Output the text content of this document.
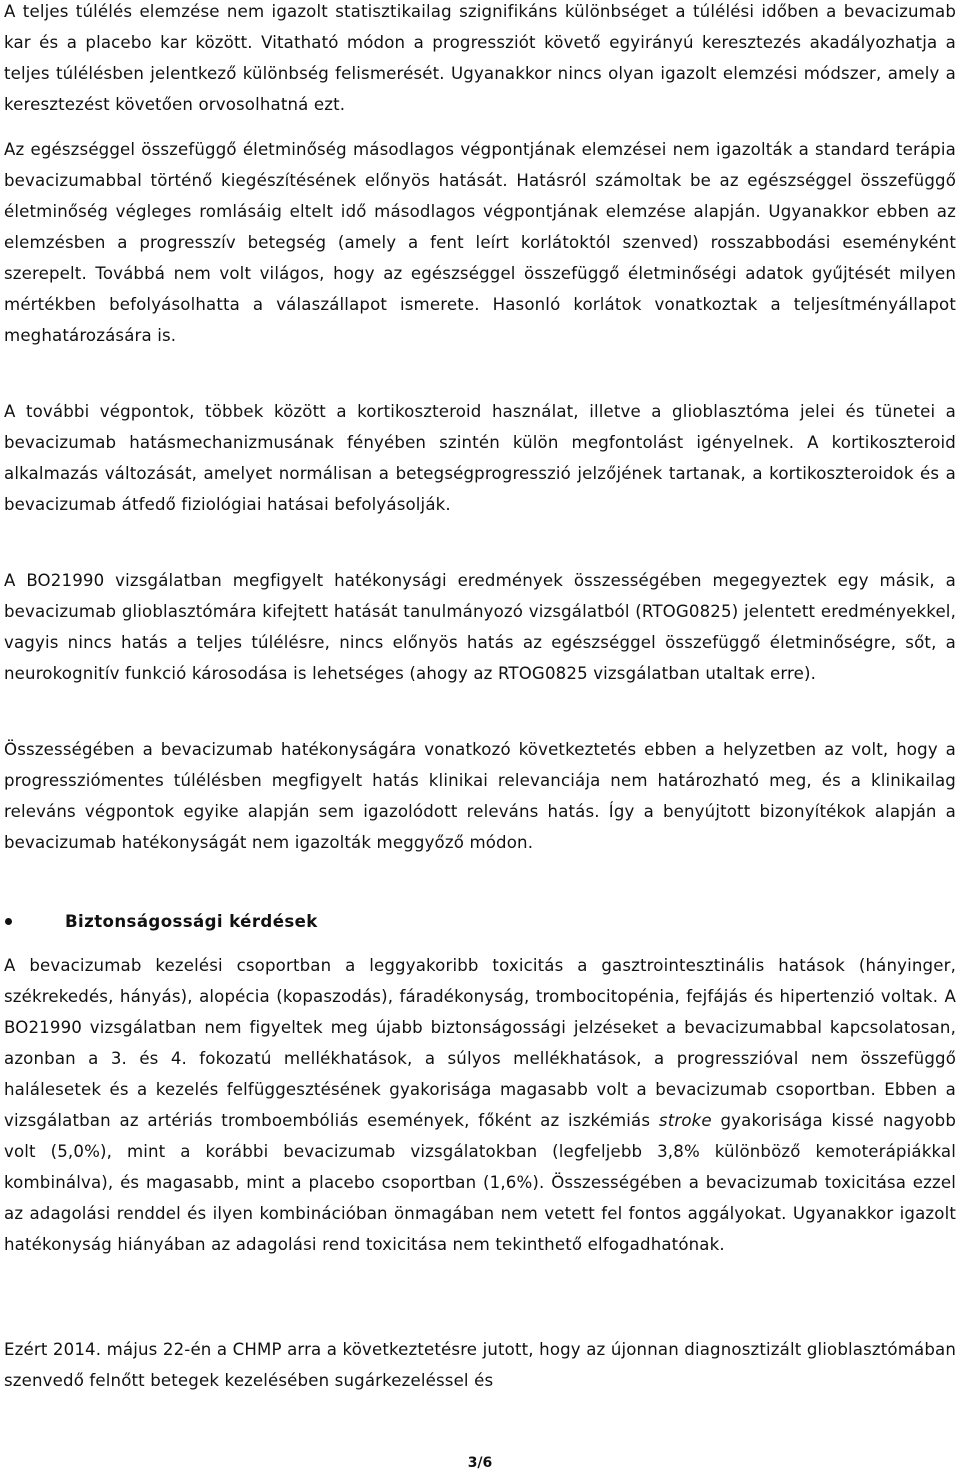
A teljes túlélés elemzése nem igazolt statisztikailag szignifikáns különbséget a túlélési időben a bevacizumab kar és a placebo kar között. Vitatható módon a progressziót követő egyirányú keresztezés akadályozhatja a teljes túlélésben jelentkező különbség felismerését. Ugyanakkor nincs olyan igazolt elemzési módszer, amely a keresztezést követően orvosolhatná ezt.

Az egészséggel összefüggő életminőség másodlagos végpontjának elemzései nem igazolták a standard terápia bevacizumabbal történő kiegészítésének előnyös hatását. Hatásról számoltak be az egészséggel összefüggő életminőség végleges romlásáig eltelt idő másodlagos végpontjának elemzése alapján. Ugyanakkor ebben az elemzésben a progresszív betegség (amely a fent leírt korlátoktól szenved) rosszabbodási eseményként szerepelt. Továbbá nem volt világos, hogy az egészséggel összefüggő életminőségi adatok gyűjtését milyen mértékben befolyásolhatta a válaszállapot ismerete. Hasonló korlátok vonatkoztak a teljesítményállapot meghatározására is.

A további végpontok, többek között a kortikoszteroid használat, illetve a glioblasztóma jelei és tünetei a bevacizumab hatásmechanizmusának fényében szintén külön megfontolást igényelnek. A kortikoszteroid alkalmazás változását, amelyet normálisan a betegségprogresszió jelzőjének tartanak, a kortikoszteroidok és a bevacizumab átfedő fiziológiai hatásai befolyásolják.

A BO21990 vizsgálatban megfigyelt hatékonysági eredmények összességében megegyeztek egy másik, a bevacizumab glioblasztómára kifejtett hatását tanulmányozó vizsgálatból (RTOG0825) jelentett eredményekkel, vagyis nincs hatás a teljes túlélésre, nincs előnyös hatás az egészséggel összefüggő életminőségre, sőt, a neurokognitív funkció károsodása is lehetséges (ahogy az RTOG0825 vizsgálatban utaltak erre).

Összességében a bevacizumab hatékonyságára vonatkozó következtetés ebben a helyzetben az volt, hogy a progressziómentes túlélésben megfigyelt hatás klinikai relevanciája nem határozható meg, és a klinikailag releváns végpontok egyike alapján sem igazolódott releváns hatás. Így a benyújtott bizonyítékok alapján a bevacizumab hatékonyságát nem igazolták meggyőző módon.

Biztonságossági kérdések

A bevacizumab kezelési csoportban a leggyakoribb toxicitás a gasztrointesztinális hatások (hányinger, székrekedés, hányás), alopécia (kopaszodás), fáradékonyság, trombocitopénia, fejfájás és hipertenzió voltak. A BO21990 vizsgálatban nem figyeltek meg újabb biztonságossági jelzéseket a bevacizumabbal kapcsolatosan, azonban a 3. és 4. fokozatú mellékhatások, a súlyos mellékhatások, a progresszióval nem összefüggő halálesetek és a kezelés felfüggesztésének gyakorisága magasabb volt a bevacizumab csoportban. Ebben a vizsgálatban az artériás tromboembóliás események, főként az iszkémiás stroke gyakorisága kissé nagyobb volt (5,0%), mint a korábbi bevacizumab vizsgálatokban (legfeljebb 3,8% különböző kemoterápiákkal kombinálva), és magasabb, mint a placebo csoportban (1,6%). Összességében a bevacizumab toxicitása ezzel az adagolási renddel és ilyen kombinációban önmagában nem vetett fel fontos aggályokat. Ugyanakkor igazolt hatékonyság hiányában az adagolási rend toxicitása nem tekinthető elfogadhatónak.

Ezért 2014. május 22-én a CHMP arra a következtetésre jutott, hogy az újonnan diagnosztizált glioblasztómában szenvedő felnőtt betegek kezelésében sugárkezeléssel és

3/6
